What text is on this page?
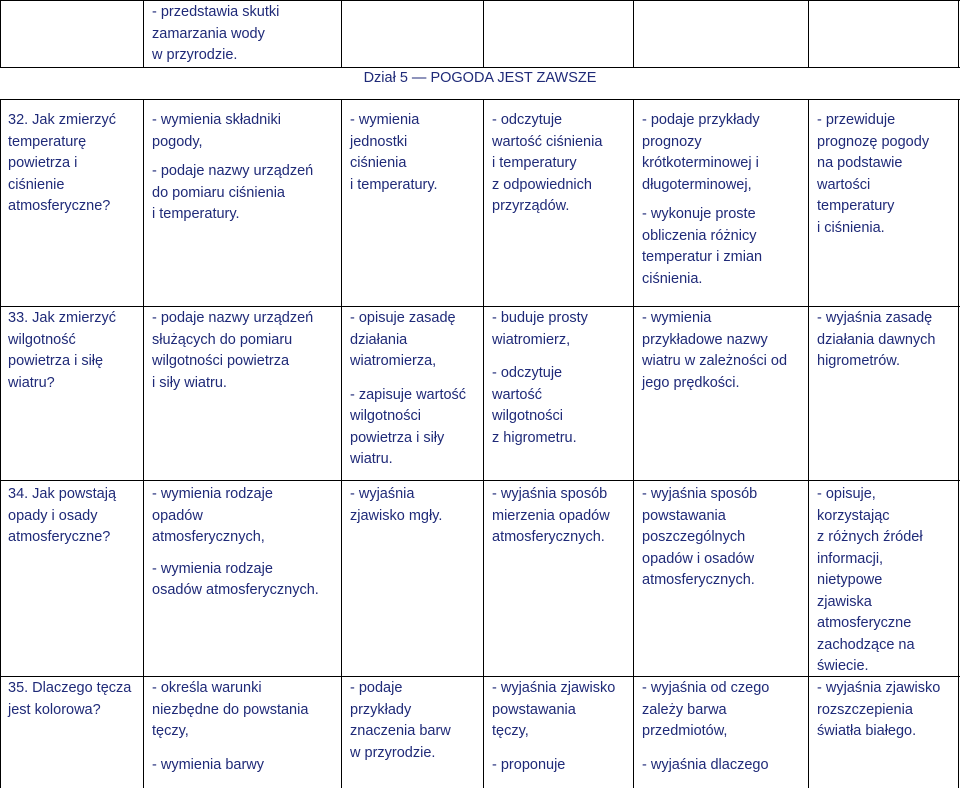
- przedstawia skutki
zamarzania wody
w przyrodzie.

Dział 5 — POGODA JEST ZAWSZE

32. Jak zmierzyć
temperaturę
powietrza i
ciśnienie
atmosferyczne?

- wymienia składniki
pogody,

- podaje nazwy urządzeń
do pomiaru ciśnienia
i temperatury.

- wymienia
jednostki
ciśnienia
i temperatury.

- odczytuje
wartość ciśnienia
i temperatury
z odpowiednich
przyrządów.

- podaje przykłady
prognozy
krótkoterminowej i
długoterminowej,

- wykonuje proste
obliczenia różnicy
temperatur i zmian
ciśnienia.

- przewiduje
prognozę pogody
na podstawie
wartości
temperatury
i ciśnienia.

33. Jak zmierzyć
wilgotność
powietrza i siłę
wiatru?

- podaje nazwy urządzeń
służących do pomiaru
wilgotności powietrza
i siły wiatru.

- opisuje zasadę
działania
wiatromierza,

- zapisuje wartość
wilgotności
powietrza i siły
wiatru.

- buduje prosty
wiatromierz,

- odczytuje
wartość
wilgotności
z higrometru.

- wymienia
przykładowe nazwy
wiatru w zależności od
jego prędkości.

- wyjaśnia zasadę
działania dawnych
higrometrów.

34. Jak powstają
opady i osady
atmosferyczne?

- wymienia rodzaje
opadów
atmosferycznych,

- wymienia rodzaje
osadów atmosferycznych.

- wyjaśnia
zjawisko mgły.

- wyjaśnia sposób
mierzenia opadów
atmosferycznych.

- wyjaśnia sposób
powstawania
poszczególnych
opadów i osadów
atmosferycznych.

- opisuje,
korzystając
z różnych źródeł
informacji,
nietypowe
zjawiska
atmosferyczne
zachodzące na
świecie.

35. Dlaczego tęcza
jest kolorowa?

- określa warunki
niezbędne do powstania
tęczy,

- wymienia barwy

- podaje
przykłady
znaczenia barw
w przyrodzie.

- wyjaśnia zjawisko
powstawania
tęczy,

- proponuje

- wyjaśnia od czego
zależy barwa
przedmiotów,

- wyjaśnia dlaczego

- wyjaśnia zjawisko
rozszczepienia
światła białego.
